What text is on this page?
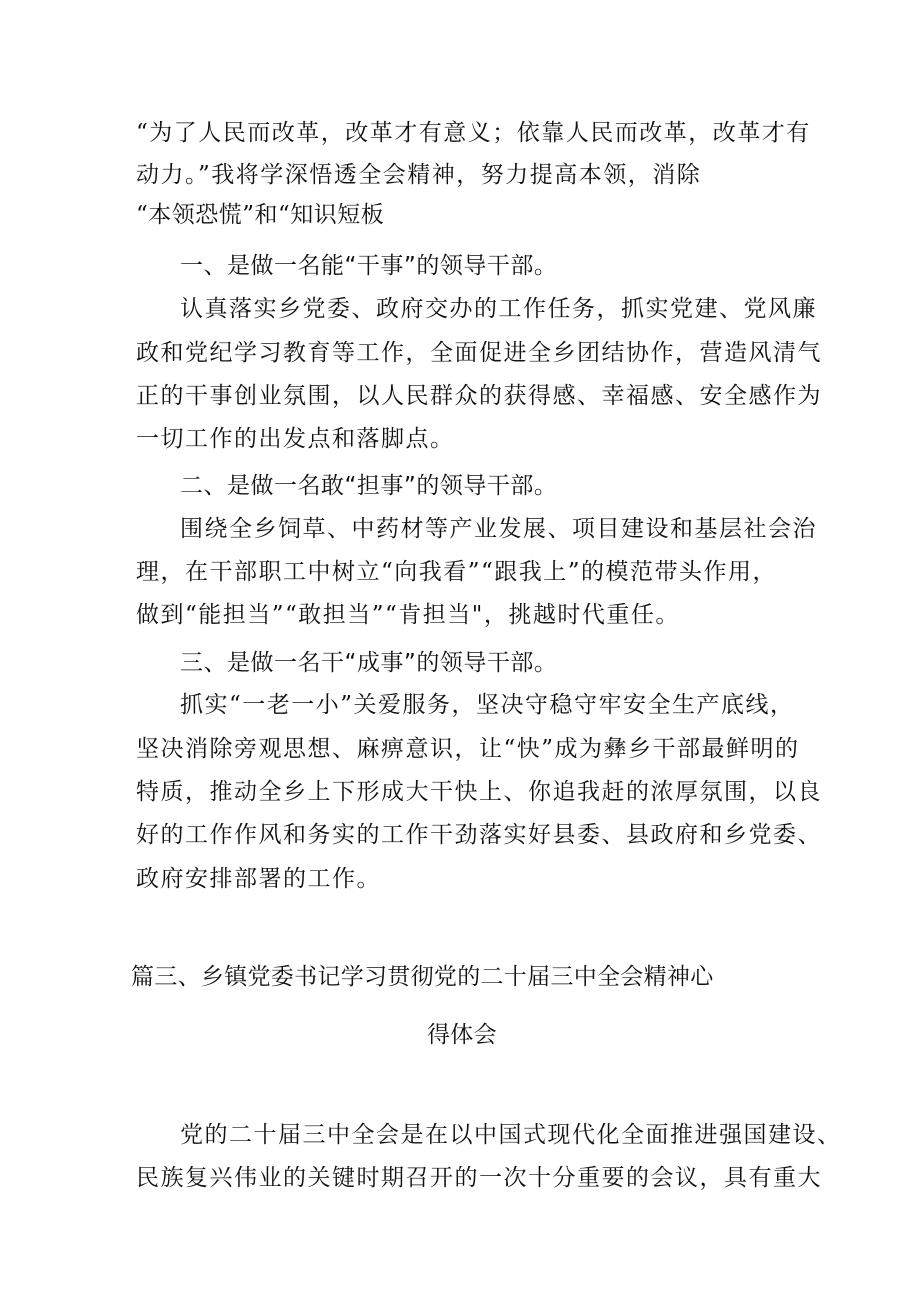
“为了人民而改革，改革才有意义；依靠人民而改革，改革才有
动力。”我将学深悟透全会精神，努力提高本领，消除
“本领恐慌”和“知识短板
一、是做一名能“干事”的领导干部。
认真落实乡党委、政府交办的工作任务，抓实党建、党风廉
政和党纪学习教育等工作，全面促进全乡团结协作，营造风清气
正的干事创业氛围，以人民群众的获得感、幸福感、安全感作为
一切工作的出发点和落脚点。
二、是做一名敢“担事”的领导干部。
围绕全乡饲草、中药材等产业发展、项目建设和基层社会治
理，在干部职工中树立“向我看”“跟我上”的模范带头作用，
做到“能担当”“敢担当”“肯担当"，挑越时代重任。
三、是做一名干“成事”的领导干部。
抓实“一老一小”关爱服务，坚决守稳守牢安全生产底线，
坚决消除旁观思想、麻痹意识，让“快”成为彝乡干部最鲜明的
特质，推动全乡上下形成大干快上、你追我赶的浓厚氛围，以良
好的工作作风和务实的工作干劲落实好县委、县政府和乡党委、
政府安排部署的工作。
篇三、乡镇党委书记学习贯彻党的二十届三中全会精神心
得体会
党的二十届三中全会是在以中国式现代化全面推进强国建设、
民族复兴伟业的关键时期召开的一次十分重要的会议，具有重大
